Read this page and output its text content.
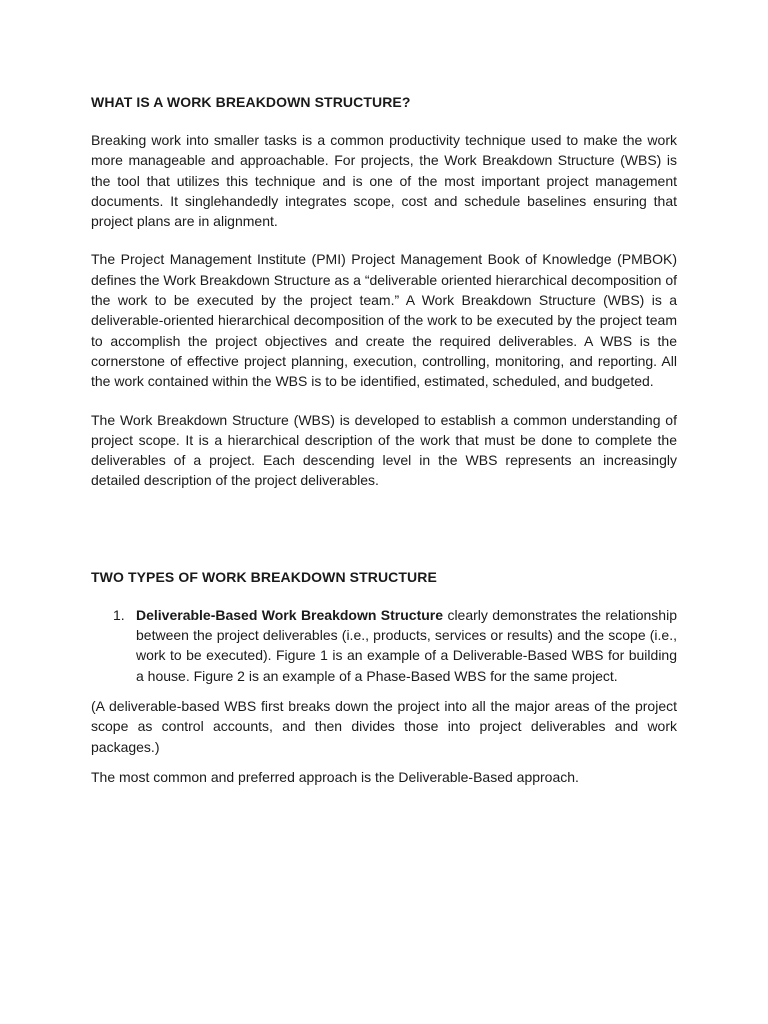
WHAT IS A WORK BREAKDOWN STRUCTURE?

Breaking work into smaller tasks is a common productivity technique used to make the work more manageable and approachable. For projects, the Work Breakdown Structure (WBS) is the tool that utilizes this technique and is one of the most important project management documents. It singlehandedly integrates scope, cost and schedule baselines ensuring that project plans are in alignment.

The Project Management Institute (PMI) Project Management Book of Knowledge (PMBOK) defines the Work Breakdown Structure as a “deliverable oriented hierarchical decomposition of the work to be executed by the project team.” A Work Breakdown Structure (WBS) is a deliverable-oriented hierarchical decomposition of the work to be executed by the project team to accomplish the project objectives and create the required deliverables. A WBS is the cornerstone of effective project planning, execution, controlling, monitoring, and reporting. All the work contained within the WBS is to be identified, estimated, scheduled, and budgeted.

The Work Breakdown Structure (WBS) is developed to establish a common understanding of project scope. It is a hierarchical description of the work that must be done to complete the deliverables of a project. Each descending level in the WBS represents an increasingly detailed description of the project deliverables.

TWO TYPES OF WORK BREAKDOWN STRUCTURE
1. Deliverable-Based Work Breakdown Structure clearly demonstrates the relationship between the project deliverables (i.e., products, services or results) and the scope (i.e., work to be executed). Figure 1 is an example of a Deliverable-Based WBS for building a house. Figure 2 is an example of a Phase-Based WBS for the same project.

(A deliverable-based WBS first breaks down the project into all the major areas of the project scope as control accounts, and then divides those into project deliverables and work packages.)

The most common and preferred approach is the Deliverable-Based approach.
